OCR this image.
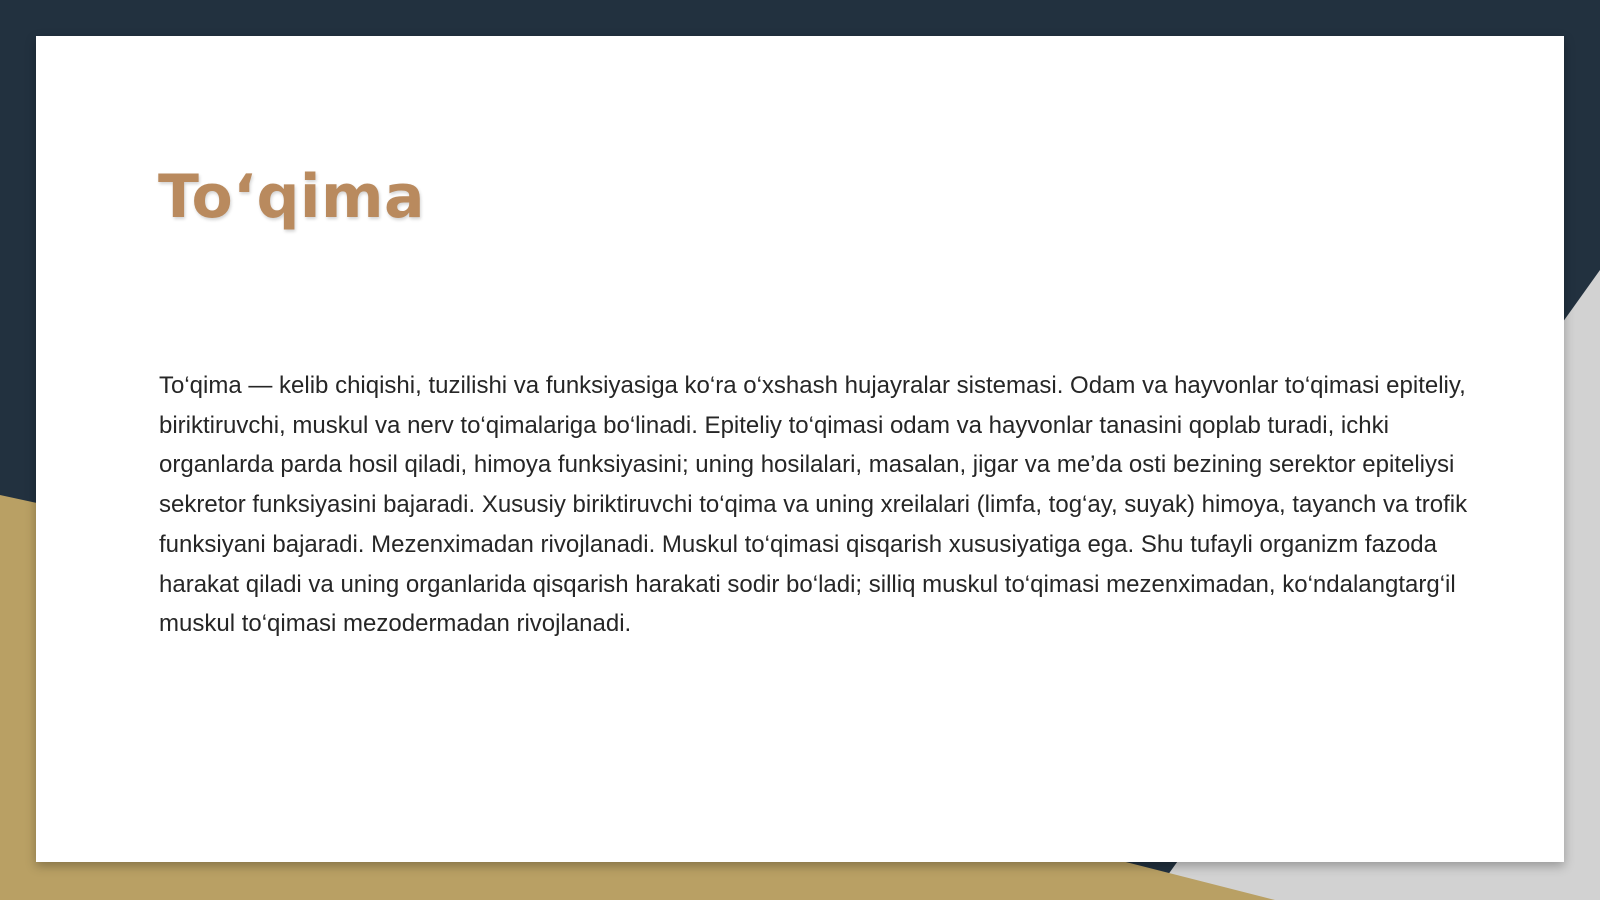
To‘qima

To‘qima — kelib chiqishi, tuzilishi va funksiyasiga ko‘ra o‘xshash hujayralar sistemasi. Odam va hayvonlar to‘qimasi epiteliy, biriktiruvchi, muskul va nerv to‘qimalariga bo‘linadi. Epiteliy to‘qimasi odam va hayvonlar tanasini qoplab turadi, ichki organlarda parda hosil qiladi, himoya funksiyasini; uning hosilalari, masalan, jigar va me’da osti bezining serektor epiteliysi sekretor funksiyasini bajaradi. Xususiy biriktiruvchi to‘qima va uning xreilalari (limfa, tog‘ay, suyak) himoya, tayanch va trofik funksiyani bajaradi. Mezenximadan rivojlanadi. Muskul to‘qimasi qisqarish xususiyatiga ega. Shu tufayli organizm fazoda harakat qiladi va uning organlarida qisqarish harakati sodir bo‘ladi; silliq muskul to‘qimasi mezenximadan, ko‘ndalangtarg‘il muskul to‘qimasi mezodermadan rivojlanadi.
